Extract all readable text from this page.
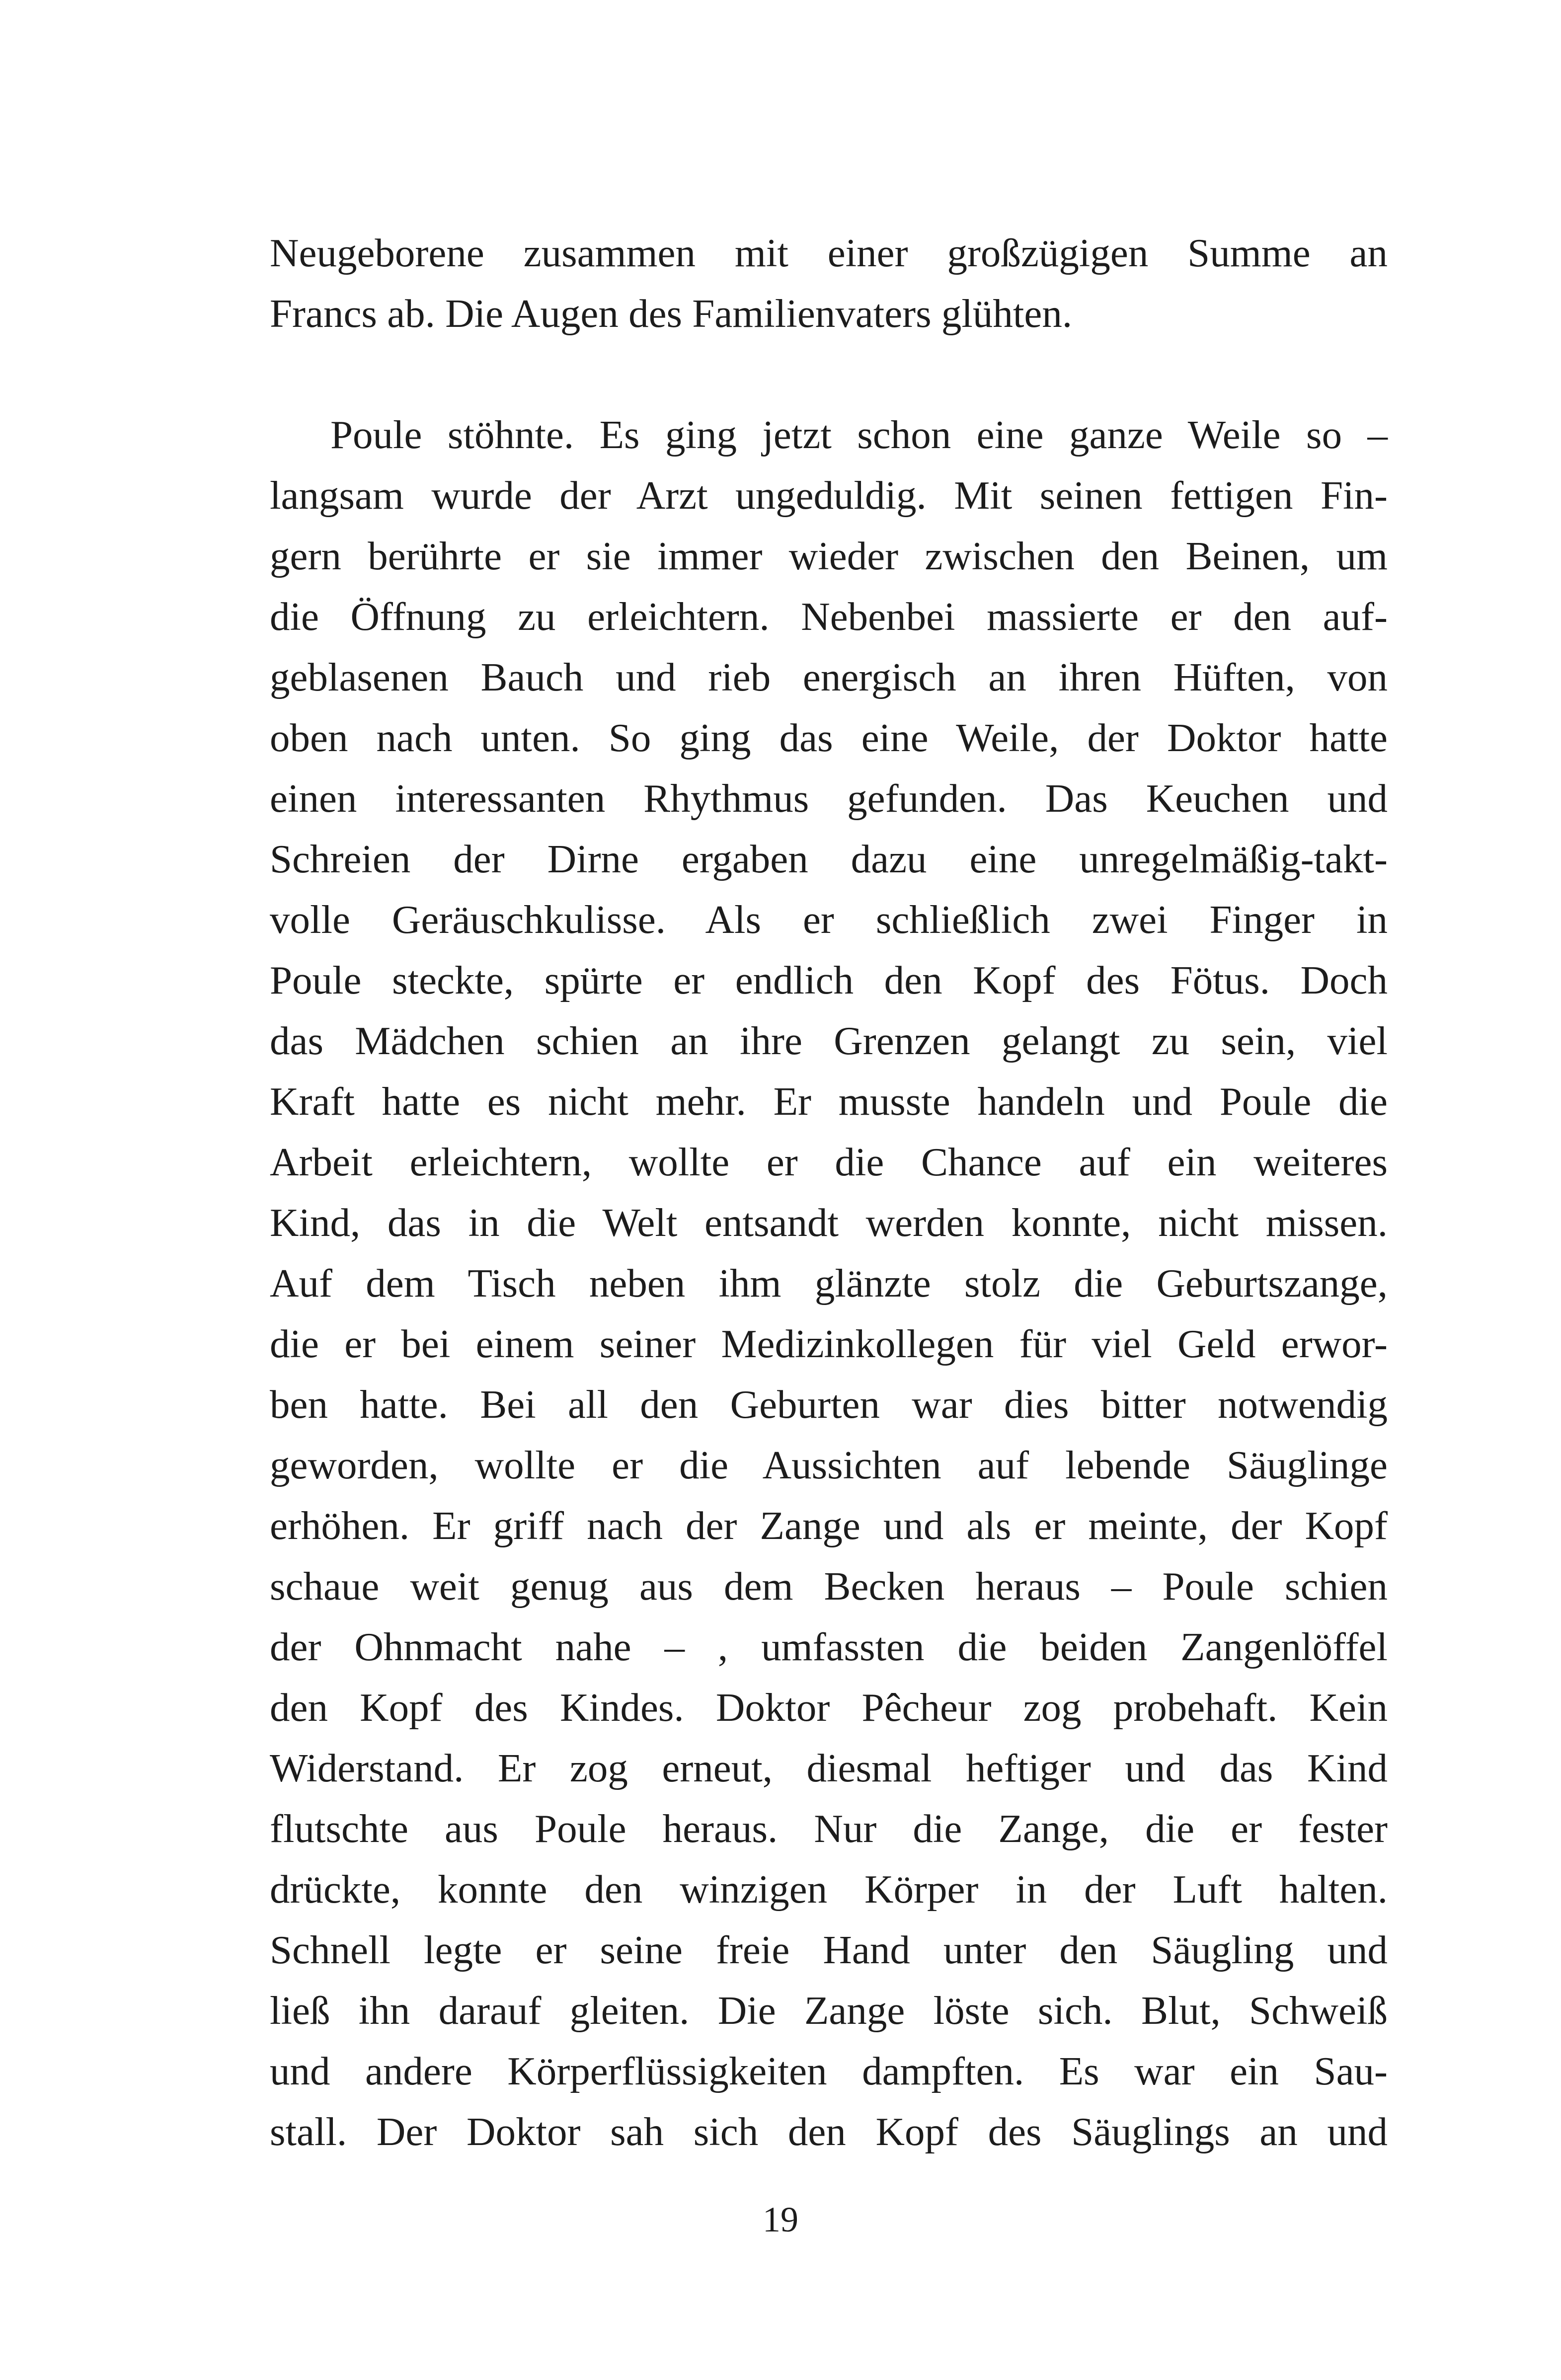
Neugeborene zusammen mit einer großzügigen Summe an
Francs ab. Die Augen des Familienvaters glühten.
Poule stöhnte. Es ging jetzt schon eine ganze Weile so –
langsam wurde der Arzt ungeduldig. Mit seinen fettigen Fin-
gern berührte er sie immer wieder zwischen den Beinen, um
die Öffnung zu erleichtern. Nebenbei massierte er den auf-
geblasenen Bauch und rieb energisch an ihren Hüften, von
oben nach unten. So ging das eine Weile, der Doktor hatte
einen interessanten Rhythmus gefunden. Das Keuchen und
Schreien der Dirne ergaben dazu eine unregelmäßig-takt-
volle Geräuschkulisse. Als er schließlich zwei Finger in
Poule steckte, spürte er endlich den Kopf des Fötus. Doch
das Mädchen schien an ihre Grenzen gelangt zu sein, viel
Kraft hatte es nicht mehr. Er musste handeln und Poule die
Arbeit erleichtern, wollte er die Chance auf ein weiteres
Kind, das in die Welt entsandt werden konnte, nicht missen.
Auf dem Tisch neben ihm glänzte stolz die Geburtszange,
die er bei einem seiner Medizinkollegen für viel Geld erwor-
ben hatte. Bei all den Geburten war dies bitter notwendig
geworden, wollte er die Aussichten auf lebende Säuglinge
erhöhen. Er griff nach der Zange und als er meinte, der Kopf
schaue weit genug aus dem Becken heraus – Poule schien
der Ohnmacht nahe – , umfassten die beiden Zangenlöffel
den Kopf des Kindes. Doktor Pêcheur zog probehaft. Kein
Widerstand. Er zog erneut, diesmal heftiger und das Kind
flutschte aus Poule heraus. Nur die Zange, die er fester
drückte, konnte den winzigen Körper in der Luft halten.
Schnell legte er seine freie Hand unter den Säugling und
ließ ihn darauf gleiten. Die Zange löste sich. Blut, Schweiß
und andere Körperflüssigkeiten dampften. Es war ein Sau-
stall. Der Doktor sah sich den Kopf des Säuglings an und
19
